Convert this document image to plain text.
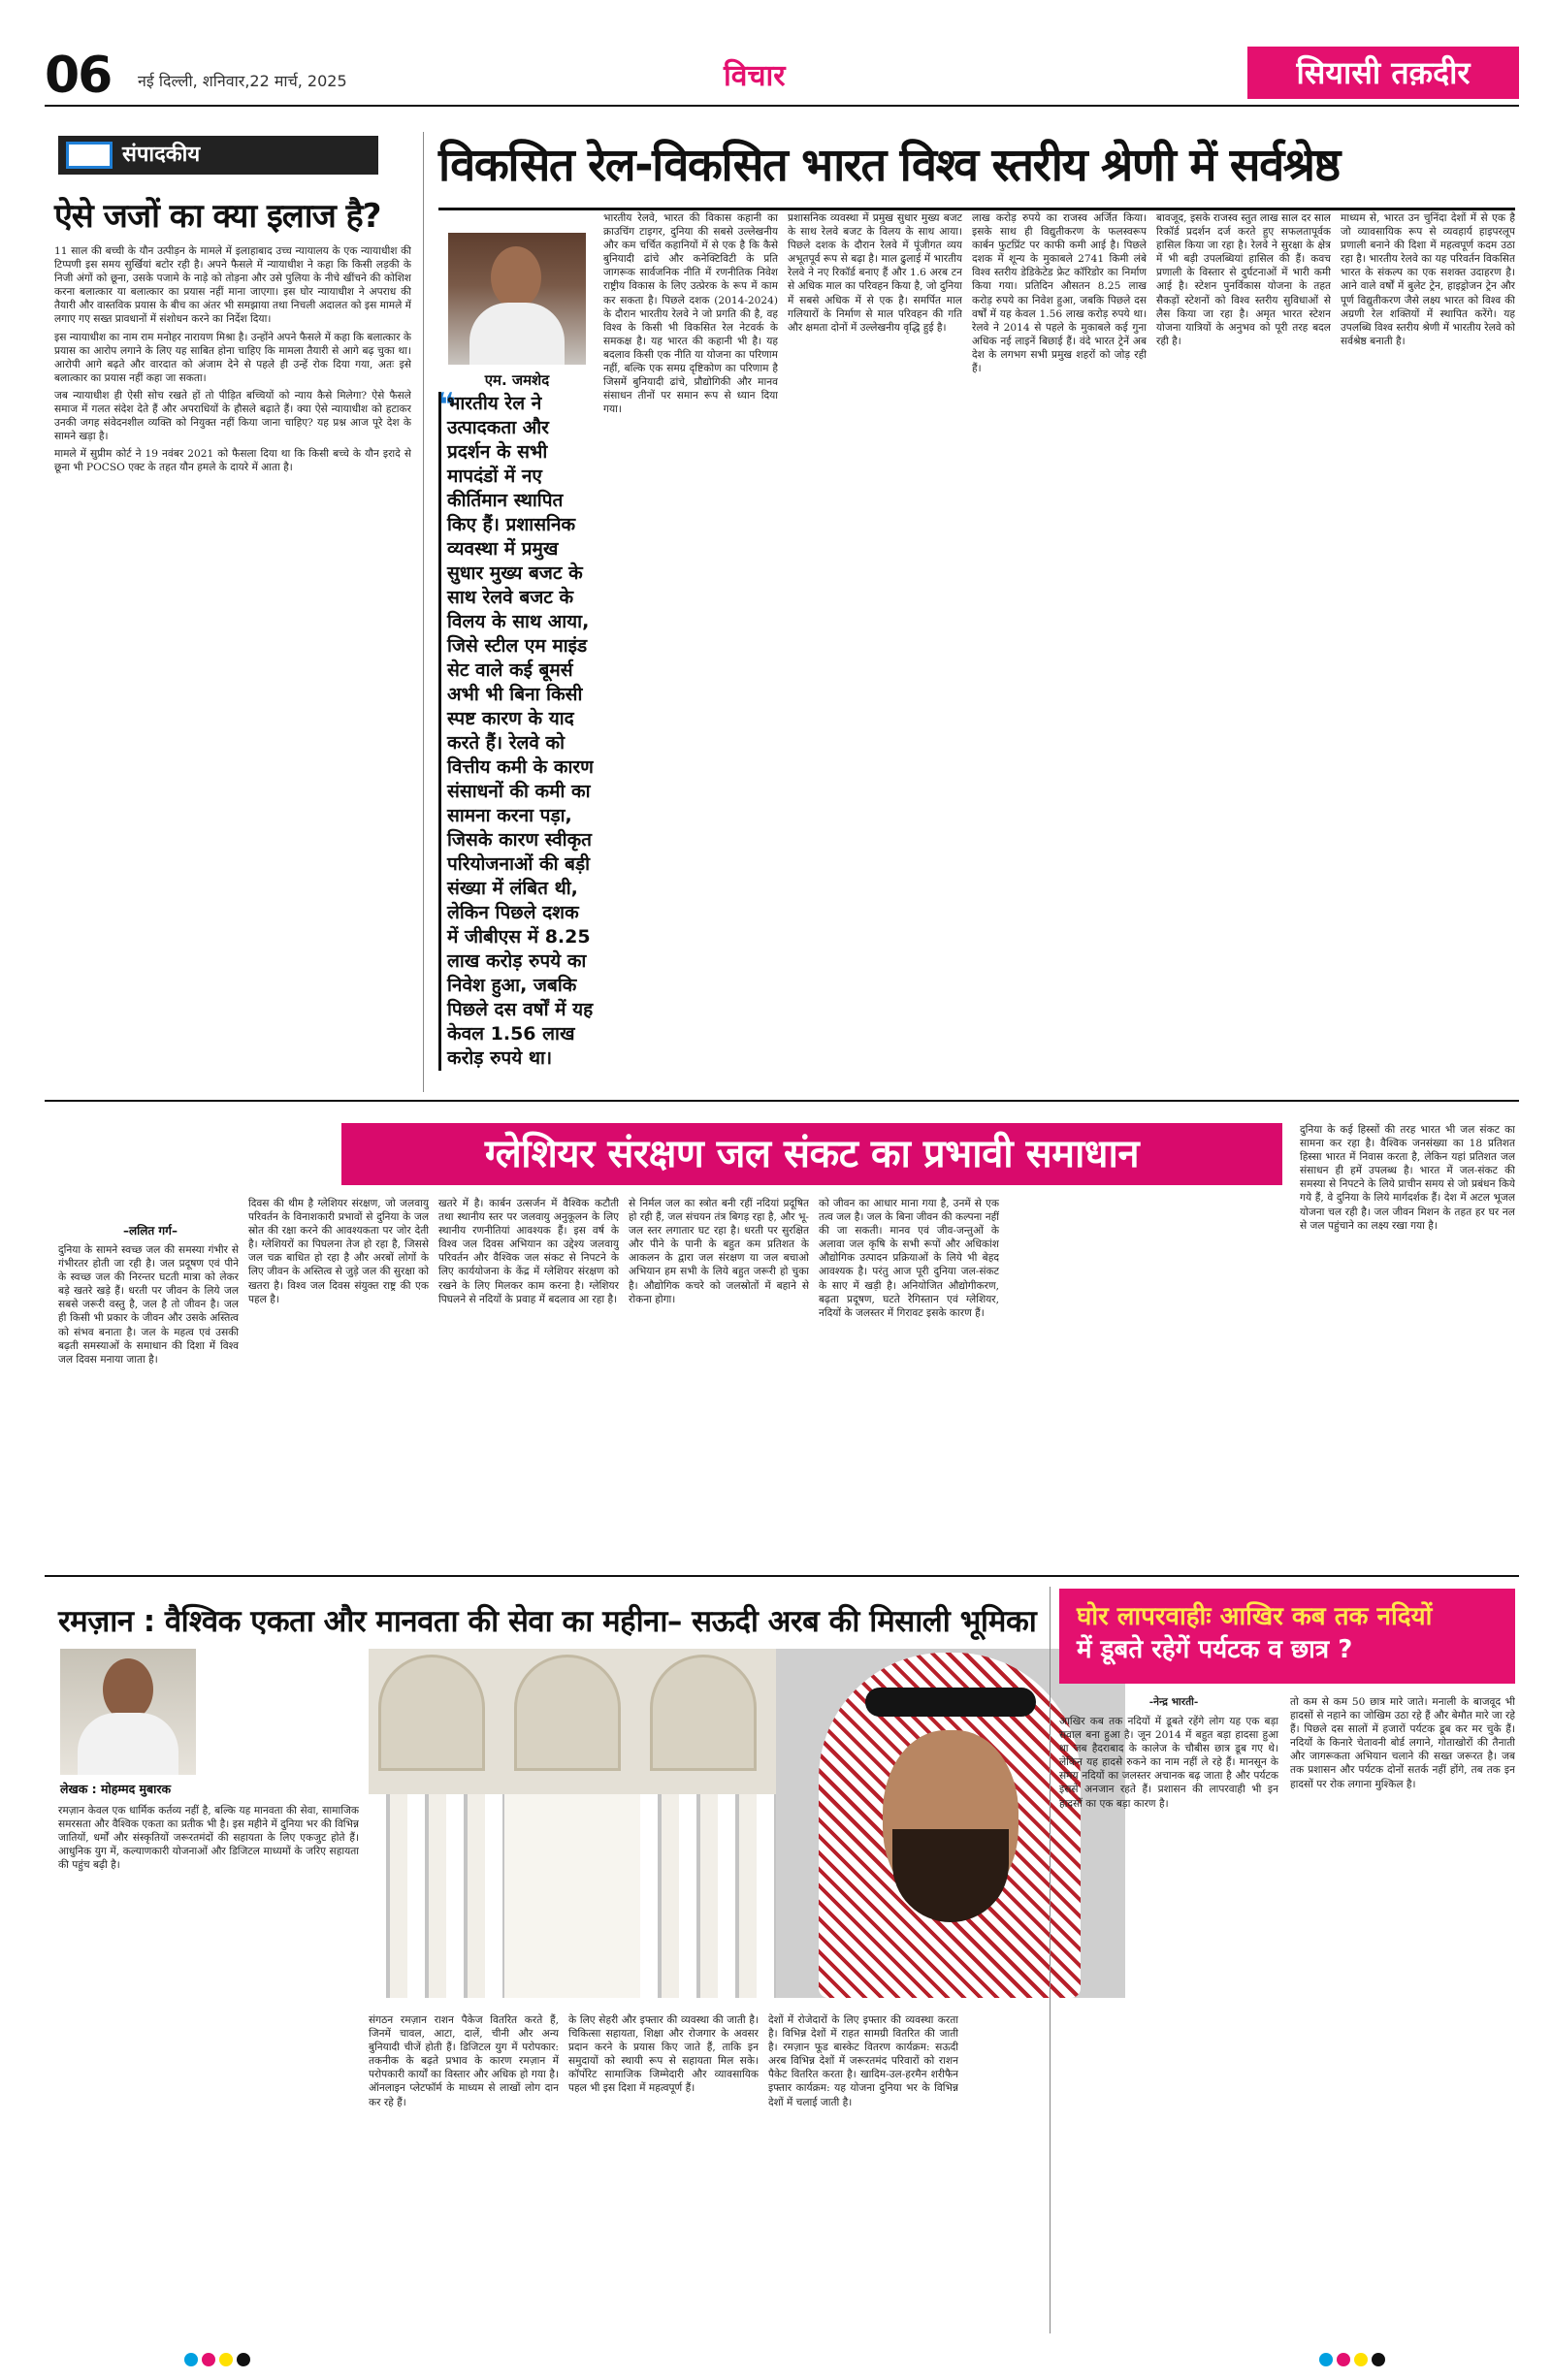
06 नई दिल्ली, शनिवार,22 मार्च, 2025	विचार	सियासी तक़दीर
संपादकीय
ऐसे जजों का क्या इलाज है?

11 साल की बच्ची के यौन उत्पीड़न के मामले में इलाहाबाद उच्च न्यायालय के एक न्यायाधीश की टिप्पणी इस समय सुर्खियां बटोर रही है। अपने फैसले में न्यायाधीश ने कहा कि किसी लड़की के निजी अंगों को छूना, उसके पजामे के नाड़े को तोड़ना और उसे पुलिया के नीचे खींचने की कोशिश करना बलात्कार या बलात्कार का प्रयास नहीं माना जाएगा। इस घोर न्यायाधीश ने अपराध की तैयारी और वास्तविक प्रयास के बीच का अंतर भी समझाया तथा निचली अदालत को इस मामले में लगाए गए सख्त प्रावधानों में संशोधन करने का निर्देश दिया।

इस न्यायाधीश का नाम राम मनोहर नारायण मिश्रा है। उन्होंने अपने फैसले में कहा कि बलात्कार के प्रयास का आरोप लगाने के लिए यह साबित होना चाहिए कि मामला तैयारी से आगे बढ़ चुका था। आरोपी आगे बढ़ते और वारदात को अंजाम देने से पहले ही उन्हें रोक दिया गया, अतः इसे बलात्कार का प्रयास नहीं कहा जा सकता।

जब न्यायाधीश ही ऐसी सोच रखते हों तो पीड़ित बच्चियों को न्याय कैसे मिलेगा? ऐसे फैसले समाज में गलत संदेश देते हैं और अपराधियों के हौसले बढ़ाते हैं। क्या ऐसे न्यायाधीश को हटाकर उनकी जगह संवेदनशील व्यक्ति को नियुक्त नहीं किया जाना चाहिए? यह प्रश्न आज पूरे देश के सामने खड़ा है।

मामले में सुप्रीम कोर्ट ने 19 नवंबर 2021 को फैसला दिया था कि किसी बच्चे के यौन इरादे से छूना भी POCSO एक्ट के तहत यौन हमले के दायरे में आता है।

विकसित रेल-विकसित भारत विश्व स्तरीय श्रेणी में सर्वश्रेष्ठ
एम. जमशेद
❝
भारतीय रेल ने उत्पादकता और प्रदर्शन के सभी मापदंडों में नए कीर्तिमान स्थापित किए हैं। प्रशासनिक व्यवस्था में प्रमुख सुधार मुख्य बजट के साथ रेलवे बजट के विलय के साथ आया, जिसे स्टील एम माइंड सेट वाले कई बूमर्स अभी भी बिना किसी स्पष्ट कारण के याद करते हैं। रेलवे को वित्तीय कमी के कारण संसाधनों की कमी का सामना करना पड़ा, जिसके कारण स्वीकृत परियोजनाओं की बड़ी संख्या में लंबित थी, लेकिन पिछले दशक में जीबीएस में 8.25 लाख करोड़ रुपये का निवेश हुआ, जबकि पिछले दस वर्षों में यह केवल 1.56 लाख करोड़ रुपये था।
भारतीय रेलवे, भारत की विकास कहानी का क्राउचिंग टाइगर, दुनिया की सबसे उल्लेखनीय और कम चर्चित कहानियों में से एक है कि कैसे बुनियादी ढांचे और कनेक्टिविटी के प्रति जागरूक सार्वजनिक नीति में रणनीतिक निवेश राष्ट्रीय विकास के लिए उत्प्रेरक के रूप में काम कर सकता है। पिछले दशक (2014-2024) के दौरान भारतीय रेलवे ने जो प्रगति की है, वह विश्व के किसी भी विकसित रेल नेटवर्क के समकक्ष है। यह भारत की कहानी भी है। यह बदलाव किसी एक नीति या योजना का परिणाम नहीं, बल्कि एक समग्र दृष्टिकोण का परिणाम है जिसमें बुनियादी ढांचे, प्रौद्योगिकी और मानव संसाधन तीनों पर समान रूप से ध्यान दिया गया।
प्रशासनिक व्यवस्था में प्रमुख सुधार मुख्य बजट के साथ रेलवे बजट के विलय के साथ आया। पिछले दशक के दौरान रेलवे में पूंजीगत व्यय अभूतपूर्व रूप से बढ़ा है। माल ढुलाई में भारतीय रेलवे ने नए रिकॉर्ड बनाए हैं और 1.6 अरब टन से अधिक माल का परिवहन किया है, जो दुनिया में सबसे अधिक में से एक है। समर्पित माल गलियारों के निर्माण से माल परिवहन की गति और क्षमता दोनों में उल्लेखनीय वृद्धि हुई है।
लाख करोड़ रुपये का राजस्व अर्जित किया। इसके साथ ही विद्युतीकरण के फलस्वरूप कार्बन फुटप्रिंट पर काफी कमी आई है। पिछले दशक में शून्य के मुकाबले 2741 किमी लंबे विश्व स्तरीय डेडिकेटेड फ्रेट कॉरिडोर का निर्माण किया गया। प्रतिदिन औसतन 8.25 लाख करोड़ रुपये का निवेश हुआ, जबकि पिछले दस वर्षों में यह केवल 1.56 लाख करोड़ रुपये था। रेलवे ने 2014 से पहले के मुकाबले कई गुना अधिक नई लाइनें बिछाई हैं। वंदे भारत ट्रेनें अब देश के लगभग सभी प्रमुख शहरों को जोड़ रही हैं।
बावजूद, इसके राजस्व स्तुत लाख साल दर साल रिकॉर्ड प्रदर्शन दर्ज करते हुए सफलतापूर्वक हासिल किया जा रहा है। रेलवे ने सुरक्षा के क्षेत्र में भी बड़ी उपलब्धियां हासिल की हैं। कवच प्रणाली के विस्तार से दुर्घटनाओं में भारी कमी आई है। स्टेशन पुनर्विकास योजना के तहत सैकड़ों स्टेशनों को विश्व स्तरीय सुविधाओं से लैस किया जा रहा है। अमृत भारत स्टेशन योजना यात्रियों के अनुभव को पूरी तरह बदल रही है।
माध्यम से, भारत उन चुनिंदा देशों में से एक है जो व्यावसायिक रूप से व्यवहार्य हाइपरलूप प्रणाली बनाने की दिशा में महत्वपूर्ण कदम उठा रहा है। भारतीय रेलवे का यह परिवर्तन विकसित भारत के संकल्प का एक सशक्त उदाहरण है। आने वाले वर्षों में बुलेट ट्रेन, हाइड्रोजन ट्रेन और पूर्ण विद्युतीकरण जैसे लक्ष्य भारत को विश्व की अग्रणी रेल शक्तियों में स्थापित करेंगे। यह उपलब्धि विश्व स्तरीय श्रेणी में भारतीय रेलवे को सर्वश्रेष्ठ बनाती है।
ग्लेशियर संरक्षण जल संकट का प्रभावी समाधान
–ललित गर्ग–
दुनिया के सामने स्वच्छ जल की समस्या गंभीर से गंभीरतर होती जा रही है। जल प्रदूषण एवं पीने के स्वच्छ जल की निरन्तर घटती मात्रा को लेकर बड़े खतरे खड़े हैं। धरती पर जीवन के लिये जल सबसे जरूरी वस्तु है, जल है तो जीवन है। जल ही किसी भी प्रकार के जीवन और उसके अस्तित्व को संभव बनाता है। जल के महत्व एवं उसकी बढ़ती समस्याओं के समाधान की दिशा में विश्व जल दिवस मनाया जाता है।
दिवस की थीम है ग्लेशियर संरक्षण, जो जलवायु परिवर्तन के विनाशकारी प्रभावों से दुनिया के जल स्रोत की रक्षा करने की आवश्यकता पर जोर देती है। ग्लेशियरों का पिघलना तेज हो रहा है, जिससे जल चक्र बाधित हो रहा है और अरबों लोगों के लिए जीवन के अस्तित्व से जुड़े जल की सुरक्षा को खतरा है। विश्व जल दिवस संयुक्त राष्ट्र की एक पहल है।
खतरे में है। कार्बन उत्सर्जन में वैश्विक कटौती तथा स्थानीय स्तर पर जलवायु अनुकूलन के लिए स्थानीय रणनीतियां आवश्यक हैं। इस वर्ष के विश्व जल दिवस अभियान का उद्देश्य जलवायु परिवर्तन और वैश्विक जल संकट से निपटने के लिए कार्ययोजना के केंद्र में ग्लेशियर संरक्षण को रखने के लिए मिलकर काम करना है। ग्लेशियर पिघलने से नदियों के प्रवाह में बदलाव आ रहा है।
से निर्मल जल का स्त्रोत बनी रहीं नदियां प्रदूषित हो रही हैं, जल संचयन तंत्र बिगड़ रहा है, और भू-जल स्तर लगातार घट रहा है। धरती पर सुरक्षित और पीने के पानी के बहुत कम प्रतिशत के आकलन के द्वारा जल संरक्षण या जल बचाओ अभियान हम सभी के लिये बहुत जरूरी हो चुका है। औद्योगिक कचरे को जलस्रोतों में बहाने से रोकना होगा।
को जीवन का आधार माना गया है, उनमें से एक तत्व जल है। जल के बिना जीवन की कल्पना नहीं की जा सकती। मानव एवं जीव-जन्तुओं के अलावा जल कृषि के सभी रूपों और अधिकांश औद्योगिक उत्पादन प्रक्रियाओं के लिये भी बेहद आवश्यक है। परंतु आज पूरी दुनिया जल-संकट के साए में खड़ी है। अनियोजित औद्योगीकरण, बढ़ता प्रदूषण, घटते रेगिस्तान एवं ग्लेशियर, नदियों के जलस्तर में गिरावट इसके कारण हैं।
दुनिया के कई हिस्सों की तरह भारत भी जल संकट का सामना कर रहा है। वैश्विक जनसंख्या का 18 प्रतिशत हिस्सा भारत में निवास करता है, लेकिन यहां प्रतिशत जल संसाधन ही हमें उपलब्ध है। भारत में जल-संकट की समस्या से निपटने के लिये प्राचीन समय से जो प्रबंधन किये गये हैं, वे दुनिया के लिये मार्गदर्शक हैं। देश में अटल भूजल योजना चल रही है। जल जीवन मिशन के तहत हर घर नल से जल पहुंचाने का लक्ष्य रखा गया है।
रमज़ान : वैश्विक एकता और मानवता की सेवा का महीना– सऊदी अरब की मिसाली भूमिका
लेखक : मोहम्मद मुबारक
रमज़ान केवल एक धार्मिक कर्तव्य नहीं है, बल्कि यह मानवता की सेवा, सामाजिक समरसता और वैश्विक एकता का प्रतीक भी है। इस महीने में दुनिया भर की विभिन्न जातियों, धर्मों और संस्कृतियों जरूरतमंदों की सहायता के लिए एकजुट होते हैं। आधुनिक युग में, कल्याणकारी योजनाओं और डिजिटल माध्यमों के जरिए सहायता की पहुंच बढ़ी है।
संगठन रमज़ान राशन पैकेज वितरित करते हैं, जिनमें चावल, आटा, दालें, चीनी और अन्य बुनियादी चीजें होती हैं। डिजिटल युग में परोपकार: तकनीक के बढ़ते प्रभाव के कारण रमज़ान में परोपकारी कार्यों का विस्तार और अधिक हो गया है। ऑनलाइन प्लेटफॉर्म के माध्यम से लाखों लोग दान कर रहे हैं।
के लिए सेहरी और इफ्तार की व्यवस्था की जाती है। चिकित्सा सहायता, शिक्षा और रोजगार के अवसर प्रदान करने के प्रयास किए जाते हैं, ताकि इन समुदायों को स्थायी रूप से सहायता मिल सके। कॉर्पोरेट सामाजिक जिम्मेदारी और व्यावसायिक पहल भी इस दिशा में महत्वपूर्ण हैं।
देशों में रोजेदारों के लिए इफ्तार की व्यवस्था करता है। विभिन्न देशों में राहत सामग्री वितरित की जाती है। रमज़ान फूड बास्केट वितरण कार्यक्रम: सऊदी अरब विभिन्न देशों में जरूरतमंद परिवारों को राशन पैकेट वितरित करता है। खादिम-उल-हरमैन शरीफैन इफ्तार कार्यक्रम: यह योजना दुनिया भर के विभिन्न देशों में चलाई जाती है।
घोर लापरवाहीः आखिर कब तक नदियों
में डूबते रहेगें पर्यटक व छात्र ?
-नेन्द्र भारती-
आखिर कब तक नदियों में डूबते रहेंगे लोग यह एक बड़ा सवाल बना हुआ है। जून 2014 में बहुत बड़ा हादसा हुआ था जब हैदराबाद के कालेज के चौबीस छात्र डूब गए थे। लेकिन यह हादसे रुकने का नाम नहीं ले रहे हैं। मानसून के समय नदियों का जलस्तर अचानक बढ़ जाता है और पर्यटक इससे अनजान रहते हैं। प्रशासन की लापरवाही भी इन हादसों का एक बड़ा कारण है।
तो कम से कम 50 छात्र मारे जाते। मनाली के बाजवूद भी हादसों से नहाने का जोखिम उठा रहे हैं और बेमौत मारे जा रहे हैं। पिछले दस सालों में हजारों पर्यटक डूब कर मर चुके हैं। नदियों के किनारे चेतावनी बोर्ड लगाने, गोताखोरों की तैनाती और जागरूकता अभियान चलाने की सख्त जरूरत है। जब तक प्रशासन और पर्यटक दोनों सतर्क नहीं होंगे, तब तक इन हादसों पर रोक लगाना मुश्किल है।
